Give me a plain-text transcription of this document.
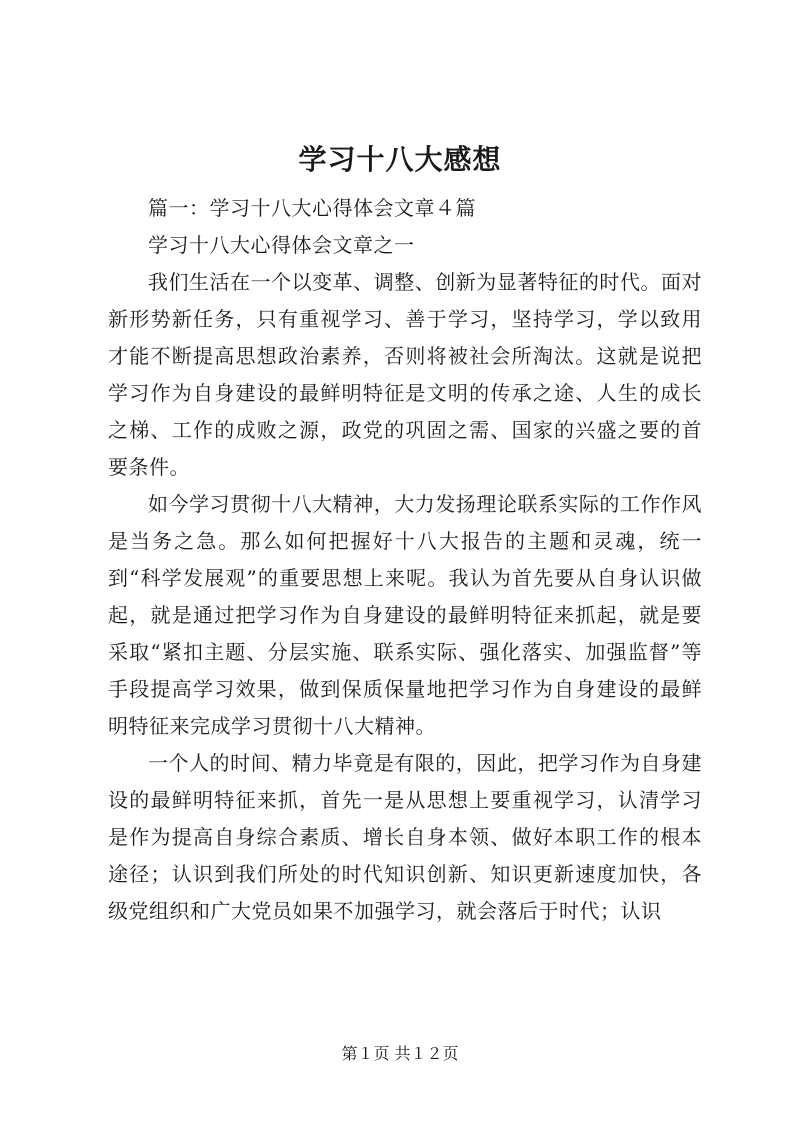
学习十八大感想

篇一：学习十八大心得体会文章４篇

学习十八大心得体会文章之一

我们生活在一个以变革、调整、创新为显著特征的时代。面对新形势新任务，只有重视学习、善于学习，坚持学习，学以致用才能不断提高思想政治素养，否则将被社会所淘汰。这就是说把学习作为自身建设的最鲜明特征是文明的传承之途、人生的成长之梯、工作的成败之源，政党的巩固之需、国家的兴盛之要的首要条件。

如今学习贯彻十八大精神，大力发扬理论联系实际的工作作风是当务之急。那么如何把握好十八大报告的主题和灵魂，统一到“科学发展观”的重要思想上来呢。我认为首先要从自身认识做起，就是通过把学习作为自身建设的最鲜明特征来抓起，就是要采取“紧扣主题、分层实施、联系实际、强化落实、加强监督”等手段提高学习效果，做到保质保量地把学习作为自身建设的最鲜明特征来完成学习贯彻十八大精神。

一个人的时间、精力毕竟是有限的，因此，把学习作为自身建设的最鲜明特征来抓，首先一是从思想上要重视学习，认清学习是作为提高自身综合素质、增长自身本领、做好本职工作的根本途径；认识到我们所处的时代知识创新、知识更新速度加快，各级党组织和广大党员如果不加强学习，就会落后于时代；认识

第１页 共１２页
